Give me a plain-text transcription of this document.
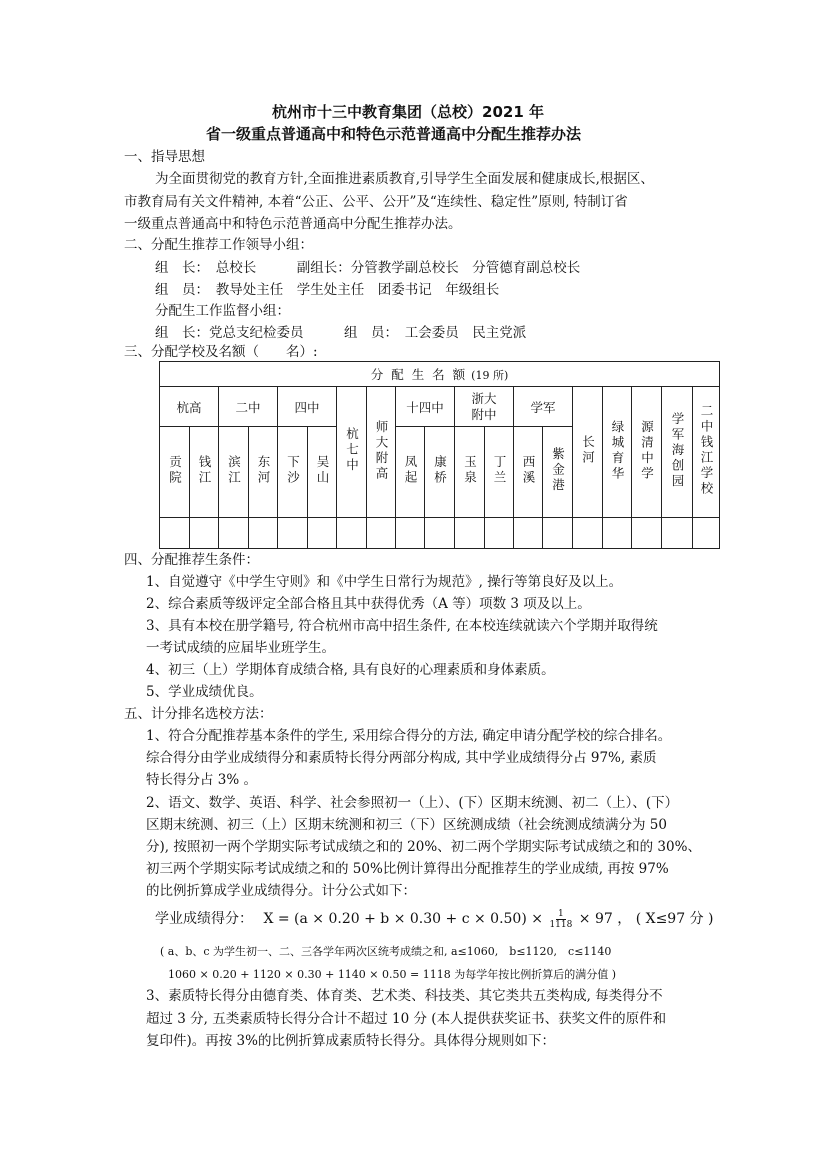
杭州市十三中教育集团（总校）2021 年
省一级重点普通高中和特色示范普通高中分配生推荐办法
一、指导思想
为全面贯彻党的教育方针,全面推进素质教育,引导学生全面发展和健康成长,根据区、
市教育局有关文件精神, 本着“公正、公平、公开”及“连续性、稳定性”原则, 特制订省
一级重点普通高中和特色示范普通高中分配生推荐办法。
二、分配生推荐工作领导小组：
组　长：　总校长　　　副组长：分管教学副总校长　分管德育副总校长
组　员：　教导处主任　学生处主任　团委书记　年级组长
分配生工作监督小组：
组　长：党总支纪检委员　　　组　员：　工会委员　民主党派
三、分配学校及名额（　　名）:
分 配 生 名 额 (19 所)																		
杭高		二中		四中		杭七中	师大附高	十四中		浙大附中		学军		长河	绿城育华	源清中学	学军海创园	二中钱江学校
贡院	钱江	滨江	东河	下沙	吴山			凤起	康桥	玉泉	丁兰	西溪	紫金港					

四、分配推荐生条件：
1、自觉遵守《中学生守则》和《中学生日常行为规范》, 操行等第良好及以上。
2、综合素质等级评定全部合格且其中获得优秀（A 等）项数 3 项及以上。
3、具有本校在册学籍号, 符合杭州市高中招生条件, 在本校连续就读六个学期并取得统
一考试成绩的应届毕业班学生。
4、初三（上）学期体育成绩合格, 具有良好的心理素质和身体素质。
5、学业成绩优良。
五、计分排名选校方法：
1、符合分配推荐基本条件的学生, 采用综合得分的方法, 确定申请分配学校的综合排名。
综合得分由学业成绩得分和素质特长得分两部分构成, 其中学业成绩得分占 97%, 素质
特长得分占 3% 。
2、语文、数学、英语、科学、社会参照初一（上）、(下）区期末统测、初二（上）、(下）
区期末统测、初三（上）区期末统测和初三（下）区统测成绩（社会统测成绩满分为 50
分), 按照初一两个学期实际考试成绩之和的 20%、初二两个学期实际考试成绩之和的 30%、
初三两个学期实际考试成绩之和的 50%比例计算得出分配推荐生的学业成绩, 再按 97%
的比例折算成学业成绩得分。计分公式如下：
学业成绩得分： $X = (a \times 0.20 + b \times 0.30 + c \times 0.50) \times \frac{1}{1118} \times 97$ ， ( X≤97 分 )
( a、b、c 为学生初一、二、三各学年两次区统考成绩之和, a≤1060,　b≤1120,　c≤1140
1060 × 0.20 + 1120 × 0.30 + 1140 × 0.50 = 1118 为每学年按比例折算后的满分值 )
3、素质特长得分由德育类、体育类、艺术类、科技类、其它类共五类构成, 每类得分不
超过 3 分, 五类素质特长得分合计不超过 10 分 (本人提供获奖证书、获奖文件的原件和
复印件)。再按 3%的比例折算成素质特长得分。具体得分规则如下：
